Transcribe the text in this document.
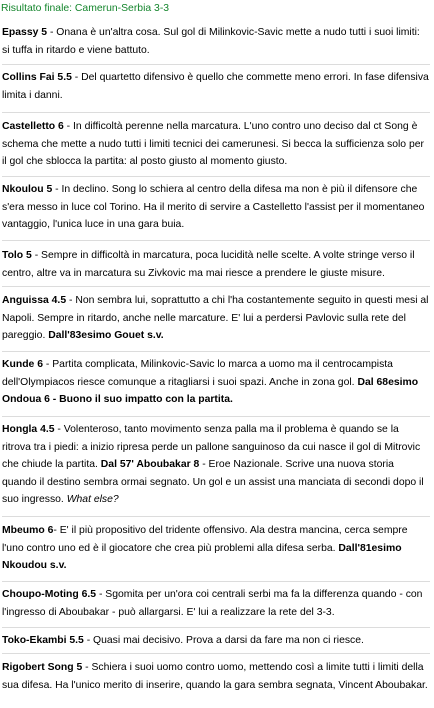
Risultato finale: Camerun-Serbia 3-3

Epassy 5 - Onana è un'altra cosa. Sul gol di Milinkovic-Savic mette a nudo tutti i suoi limiti: si tuffa in ritardo e viene battuto.

Collins Fai 5.5 - Del quartetto difensivo è quello che commette meno errori. In fase difensiva limita i danni.

Castelletto 6 - In difficoltà perenne nella marcatura. L'uno contro uno deciso dal ct Song è schema che mette a nudo tutti i limiti tecnici dei camerunesi. Si becca la sufficienza solo per il gol che sblocca la partita: al posto giusto al momento giusto.

Nkoulou 5 - In declino. Song lo schiera al centro della difesa ma non è più il difensore che s'era messo in luce col Torino. Ha il merito di servire a Castelletto l'assist per il momentaneo vantaggio, l'unica luce in una gara buia.

Tolo 5 - Sempre in difficoltà in marcatura, poca lucidità nelle scelte. A volte stringe verso il centro, altre va in marcatura su Zivkovic ma mai riesce a prendere le giuste misure.

Anguissa 4.5 - Non sembra lui, soprattutto a chi l'ha costantemente seguito in questi mesi al Napoli. Sempre in ritardo, anche nelle marcature. E' lui a perdersi Pavlovic sulla rete del pareggio. Dall'83esimo Gouet s.v.

Kunde 6 - Partita complicata, Milinkovic-Savic lo marca a uomo ma il centrocampista dell'Olympiacos riesce comunque a ritagliarsi i suoi spazi. Anche in zona gol. Dal 68esimo Ondoua 6 - Buono il suo impatto con la partita.

Hongla 4.5 - Volenteroso, tanto movimento senza palla ma il problema è quando se la ritrova tra i piedi: a inizio ripresa perde un pallone sanguinoso da cui nasce il gol di Mitrovic che chiude la partita. Dal 57' Aboubakar 8 - Eroe Nazionale. Scrive una nuova storia quando il destino sembra ormai segnato. Un gol e un assist una manciata di secondi dopo il suo ingresso. What else?

Mbeumo 6- E' il più propositivo del tridente offensivo. Ala destra mancina, cerca sempre l'uno contro uno ed è il giocatore che crea più problemi alla difesa serba. Dall'81esimo Nkoudou s.v.

Choupo-Moting 6.5 - Sgomita per un'ora coi centrali serbi ma fa la differenza quando - con l'ingresso di Aboubakar - può allargarsi. E' lui a realizzare la rete del 3-3.

Toko-Ekambi 5.5 - Quasi mai decisivo. Prova a darsi da fare ma non ci riesce.

Rigobert Song 5 - Schiera i suoi uomo contro uomo, mettendo così a limite tutti i limiti della sua difesa. Ha l'unico merito di inserire, quando la gara sembra segnata, Vincent Aboubakar.
